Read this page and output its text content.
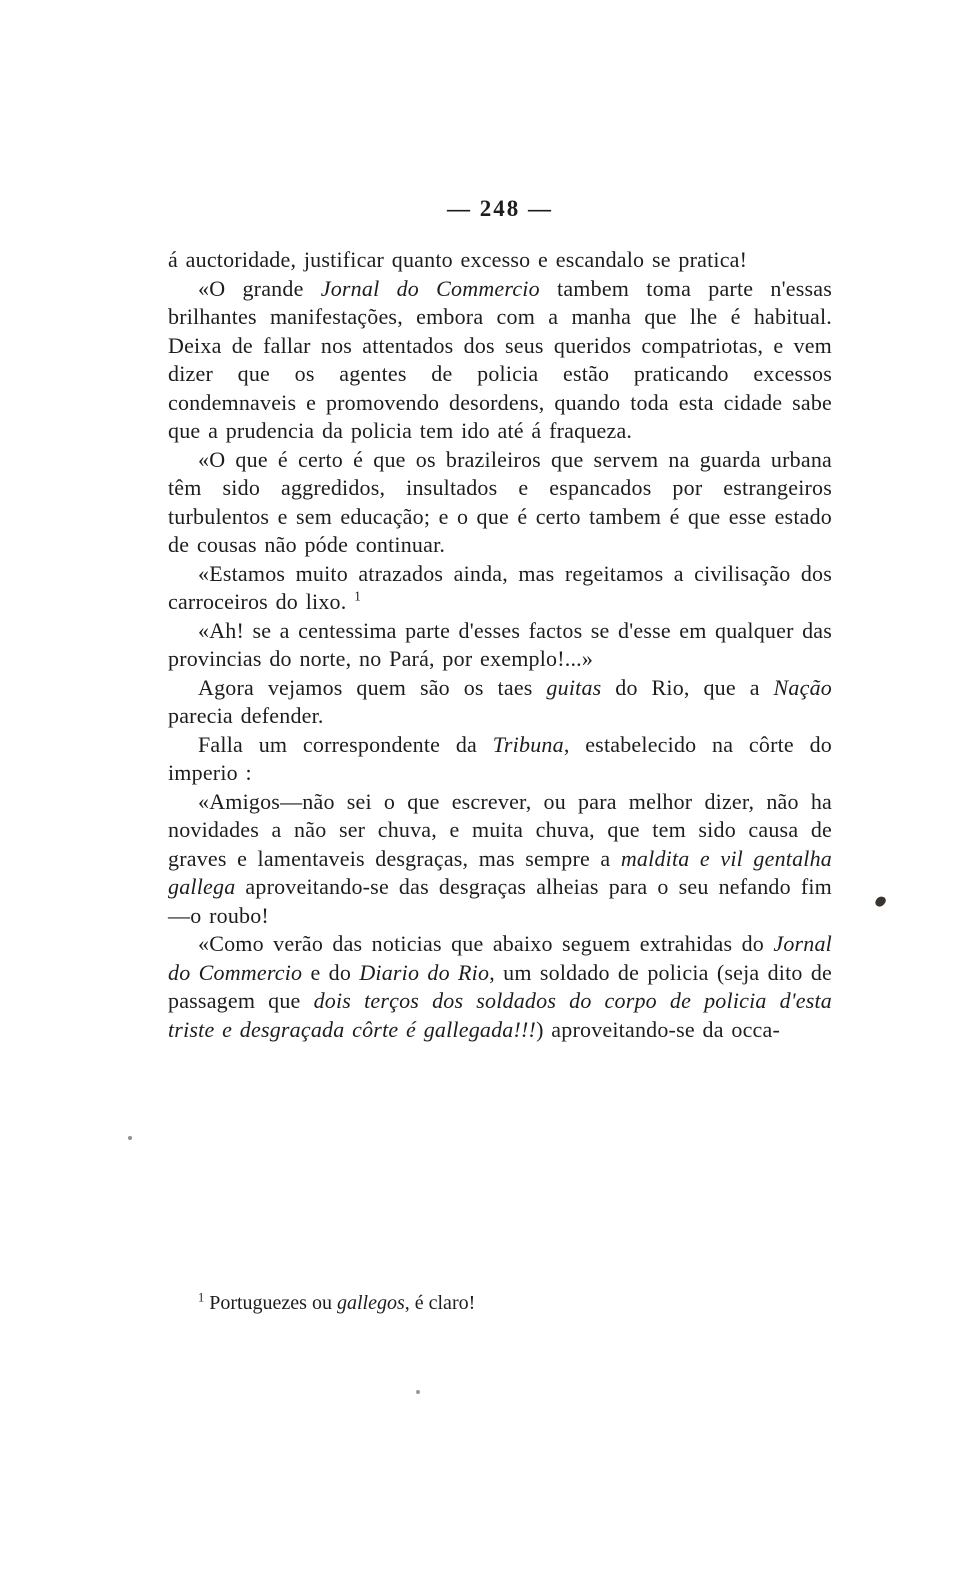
— 248 —

á auctoridade, justificar quanto excesso e escandalo se pratica!

«O grande Jornal do Commercio tambem toma parte n'essas brilhantes manifestações, embora com a manha que lhe é habitual. Deixa de fallar nos attentados dos seus queridos compatriotas, e vem dizer que os agentes de policia estão praticando excessos condemnaveis e promovendo desordens, quando toda esta cidade sabe que a prudencia da policia tem ido até á fraqueza.

«O que é certo é que os brazileiros que servem na guarda urbana têm sido aggredidos, insultados e espancados por estrangeiros turbulentos e sem educação; e o que é certo tambem é que esse estado de cousas não póde continuar.

«Estamos muito atrazados ainda, mas regeitamos a civilisação dos carroceiros do lixo. $^1$

«Ah! se a centessima parte d'esses factos se d'esse em qualquer das provincias do norte, no Pará, por exemplo!...»

Agora vejamos quem são os taes guitas do Rio, que a Nação parecia defender.

Falla um correspondente da Tribuna, estabelecido na côrte do imperio :

«Amigos—não sei o que escrever, ou para melhor dizer, não ha novidades a não ser chuva, e muita chuva, que tem sido causa de graves e lamentaveis desgraças, mas sempre a maldita e vil gentalha gallega aproveitando-se das desgraças alheias para o seu nefando fim—o roubo!

«Como verão das noticias que abaixo seguem extrahidas do Jornal do Commercio e do Diario do Rio, um soldado de policia (seja dito de passagem que dois terços dos soldados do corpo de policia d'esta triste e desgraçada côrte é gallegada!!!) aproveitando-se da occa-

$^1$ Portuguezes ou gallegos, é claro!
